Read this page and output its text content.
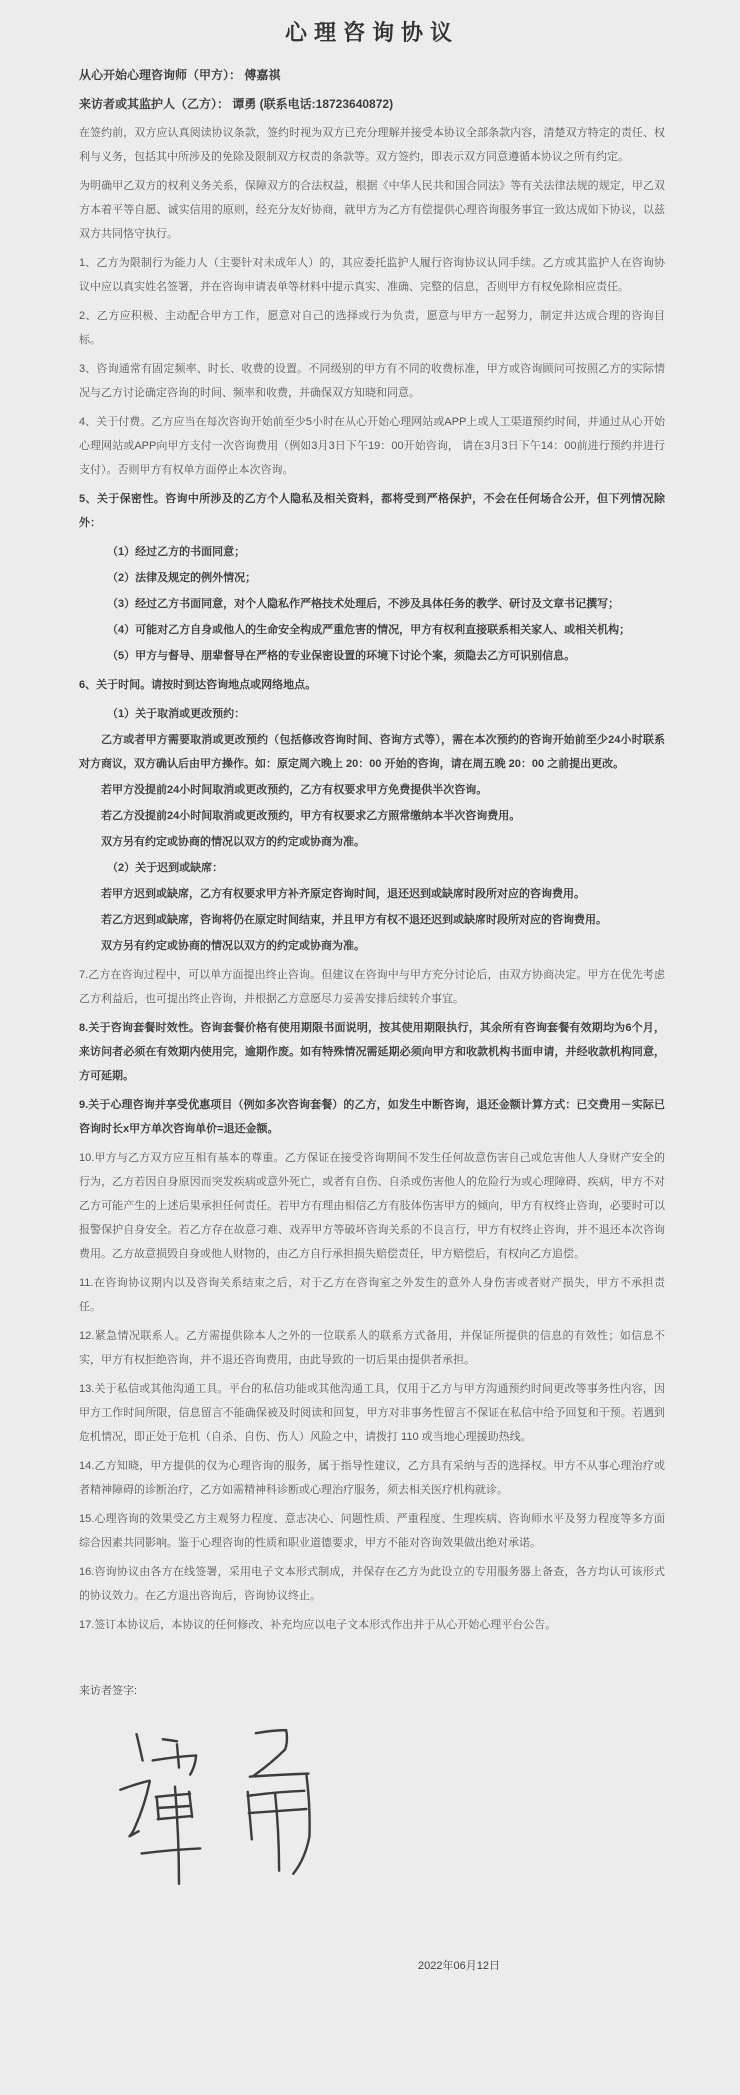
心理咨询协议

从心开始心理咨询师（甲方）： 傅嘉祺

来访者或其监护人（乙方）： 谭勇 (联系电话:18723640872)

在签约前，双方应认真阅读协议条款，签约时视为双方已充分理解并接受本协议全部条款内容，清楚双方特定的责任、权利与义务，包括其中所涉及的免除及限制双方权责的条款等。双方签约，即表示双方同意遵循本协议之所有约定。

为明确甲乙双方的权利义务关系，保障双方的合法权益，根据《中华人民共和国合同法》等有关法律法规的规定，甲乙双方本着平等自愿、诚实信用的原则，经充分友好协商，就甲方为乙方有偿提供心理咨询服务事宜一致达成如下协议，以兹双方共同恪守执行。

1、乙方为限制行为能力人（主要针对未成年人）的，其应委托监护人履行咨询协议认同手续。乙方或其监护人在咨询协议中应以真实姓名签署，并在咨询申请表单等材料中提示真实、准确、完整的信息，否则甲方有权免除相应责任。

2、乙方应积极、主动配合甲方工作，愿意对自己的选择或行为负责，愿意与甲方一起努力，制定并达成合理的咨询目标。

3、咨询通常有固定频率、时长、收费的设置。不同级别的甲方有不同的收费标准，甲方或咨询顾问可按照乙方的实际情况与乙方讨论确定咨询的时间、频率和收费，并确保双方知晓和同意。

4、关于付费。乙方应当在每次咨询开始前至少5小时在从心开始心理网站或APP上或人工渠道预约时间，并通过从心开始心理网站或APP向甲方支付一次咨询费用（例如3月3日下午19：00开始咨询， 请在3月3日下午14：00前进行预约并进行支付）。否则甲方有权单方面停止本次咨询。

5、关于保密性。咨询中所涉及的乙方个人隐私及相关资料，都将受到严格保护，不会在任何场合公开，但下列情况除外：

（1）经过乙方的书面同意；

（2）法律及规定的例外情况；

（3）经过乙方书面同意，对个人隐私作严格技术处理后，不涉及具体任务的教学、研讨及文章书记撰写；

（4）可能对乙方自身或他人的生命安全构成严重危害的情况，甲方有权利直接联系相关家人、或相关机构；

（5）甲方与督导、朋辈督导在严格的专业保密设置的环境下讨论个案，须隐去乙方可识别信息。

6、关于时间。请按时到达咨询地点或网络地点。

（1）关于取消或更改预约：

乙方或者甲方需要取消或更改预约（包括修改咨询时间、咨询方式等），需在本次预约的咨询开始前至少24小时联系对方商议，双方确认后由甲方操作。如：原定周六晚上 20：00 开始的咨询，请在周五晚 20：00 之前提出更改。

若甲方没提前24小时间取消或更改预约，乙方有权要求甲方免费提供半次咨询。

若乙方没提前24小时间取消或更改预约，甲方有权要求乙方照常缴纳本半次咨询费用。

双方另有约定或协商的情况以双方的约定或协商为准。

（2）关于迟到或缺席：

若甲方迟到或缺席，乙方有权要求甲方补齐原定咨询时间，退还迟到或缺席时段所对应的咨询费用。

若乙方迟到或缺席，咨询将仍在原定时间结束，并且甲方有权不退还迟到或缺席时段所对应的咨询费用。

双方另有约定或协商的情况以双方的约定或协商为准。

7.乙方在咨询过程中，可以单方面提出终止咨询。但建议在咨询中与甲方充分讨论后，由双方协商决定。甲方在优先考虑乙方利益后，也可提出终止咨询，并根据乙方意愿尽力妥善安排后续转介事宜。

8.关于咨询套餐时效性。咨询套餐价格有使用期限书面说明，按其使用期限执行，其余所有咨询套餐有效期均为6个月，来访问者必须在有效期内使用完，逾期作废。如有特殊情况需延期必须向甲方和收款机构书面申请，并经收款机构同意，方可延期。

9.关于心理咨询并享受优惠项目（例如多次咨询套餐）的乙方，如发生中断咨询，退还金额计算方式：已交费用－实际已咨询时长x甲方单次咨询单价=退还金额。

10.甲方与乙方双方应互相有基本的尊重。乙方保证在接受咨询期间不发生任何故意伤害自己或危害他人人身财产安全的行为，乙方若因自身原因而突发疾病或意外死亡，或者有自伤、自杀或伤害他人的危险行为或心理障碍、疾病，甲方不对乙方可能产生的上述后果承担任何责任。若甲方有理由相信乙方有肢体伤害甲方的倾向，甲方有权终止咨询，必要时可以报警保护自身安全。若乙方存在故意刁难、戏弄甲方等破坏咨询关系的不良言行，甲方有权终止咨询，并不退还本次咨询费用。乙方故意损毁自身或他人财物的，由乙方自行承担损失赔偿责任，甲方赔偿后，有权向乙方追偿。

11.在咨询协议期内以及咨询关系结束之后，对于乙方在咨询室之外发生的意外人身伤害或者财产损失，甲方不承担责任。

12.紧急情况联系人。乙方需提供除本人之外的一位联系人的联系方式备用，并保证所提供的信息的有效性；如信息不实，甲方有权拒绝咨询，并不退还咨询费用，由此导致的一切后果由提供者承担。

13.关于私信或其他沟通工具。平台的私信功能或其他沟通工具，仅用于乙方与甲方沟通预约时间更改等事务性内容，因甲方工作时间所限，信息留言不能确保被及时阅读和回复，甲方对非事务性留言不保证在私信中给予回复和干预。若遇到危机情况，即正处于危机（自杀、自伤、伤人）风险之中，请拨打 110 或当地心理援助热线。

14.乙方知晓，甲方提供的仅为心理咨询的服务，属于指导性建议，乙方具有采纳与否的选择权。甲方不从事心理治疗或者精神障碍的诊断治疗，乙方如需精神科诊断或心理治疗服务，须去相关医疗机构就诊。

15.心理咨询的效果受乙方主观努力程度、意志决心、问题性质、严重程度、生理疾病、咨询师水平及努力程度等多方面综合因素共同影响。鉴于心理咨询的性质和职业道德要求，甲方不能对咨询效果做出绝对承诺。

16.咨询协议由各方在线签署，采用电子文本形式制成，并保存在乙方为此设立的专用服务器上备查，各方均认可该形式的协议效力。在乙方退出咨询后，咨询协议终止。

17.签订本协议后，本协议的任何修改、补充均应以电子文本形式作出并于从心开始心理平台公告。

来访者签字:

2022年06月12日
